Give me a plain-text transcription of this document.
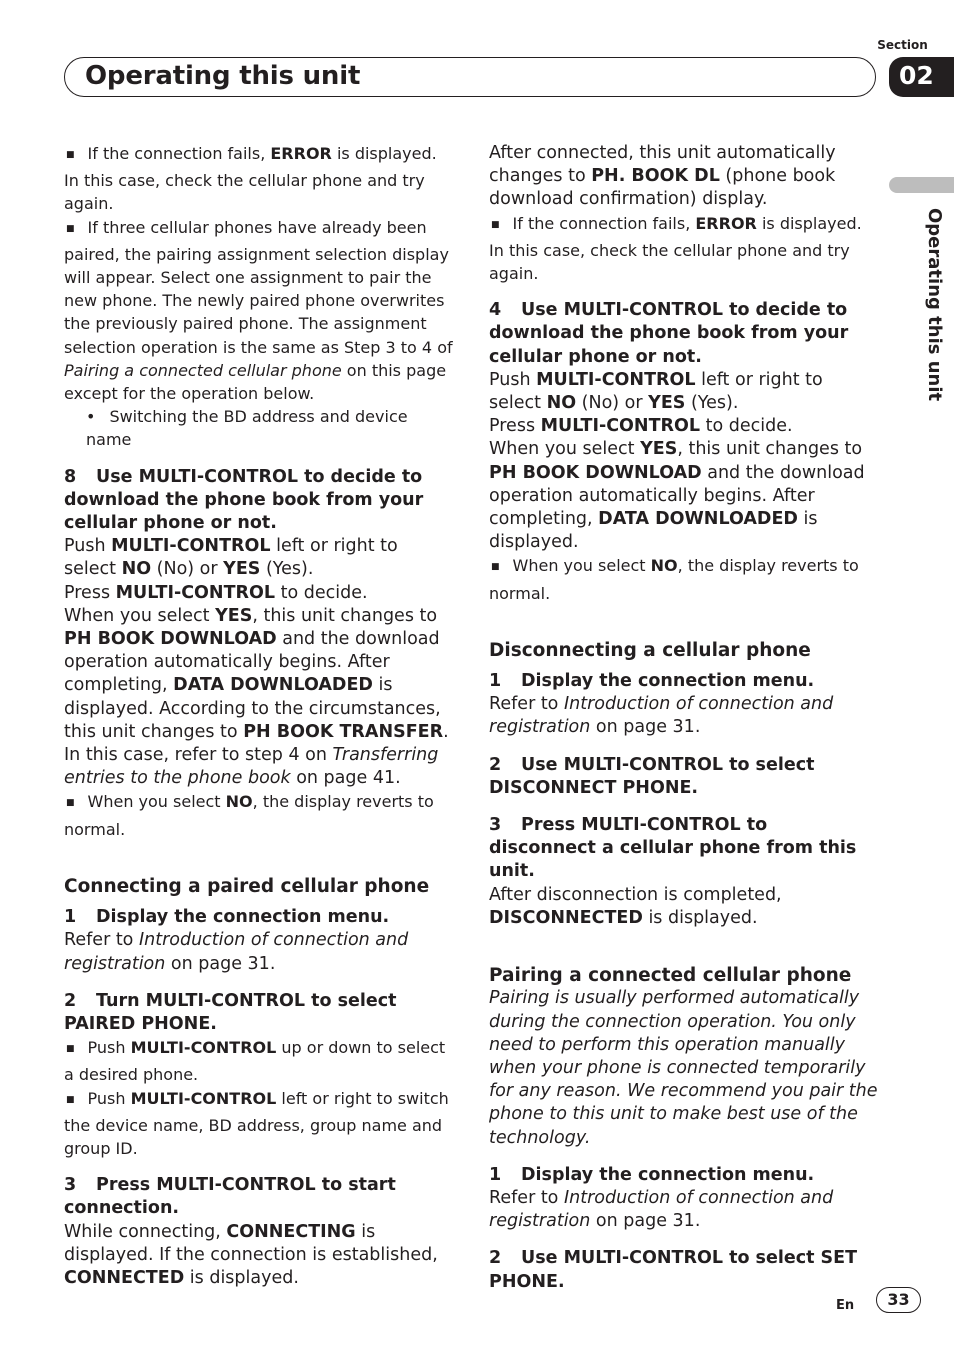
Section
Operating this unit	02
Operating this unit

■ If the connection fails, ERROR is displayed. In this case, check the cellular phone and try again.

■ If three cellular phones have already been paired, the pairing assignment selection display will appear. Select one assignment to pair the new phone. The newly paired phone overwrites the previously paired phone. The assignment selection operation is the same as Step 3 to 4 of Pairing a connected cellular phone on this page except for the operation below.

• Switching the BD address and device name

8 Use MULTI-CONTROL to decide to download the phone book from your cellular phone or not.

Push MULTI-CONTROL left or right to select NO (No) or YES (Yes).

Press MULTI-CONTROL to decide.

When you select YES, this unit changes to PH BOOK DOWNLOAD and the download operation automatically begins. After completing, DATA DOWNLOADED is displayed. According to the circumstances, this unit changes to PH BOOK TRANSFER. In this case, refer to step 4 on Transferring entries to the phone book on page 41.

■ When you select NO, the display reverts to normal.

Connecting a paired cellular phone

1 Display the connection menu.

Refer to Introduction of connection and registration on page 31.

2 Turn MULTI-CONTROL to select PAIRED PHONE.

■ Push MULTI-CONTROL up or down to select a desired phone.

■ Push MULTI-CONTROL left or right to switch the device name, BD address, group name and group ID.

3 Press MULTI-CONTROL to start connection.

While connecting, CONNECTING is displayed. If the connection is established, CONNECTED is displayed.

After connected, this unit automatically changes to PH. BOOK DL (phone book download confirmation) display.

■ If the connection fails, ERROR is displayed. In this case, check the cellular phone and try again.

4 Use MULTI-CONTROL to decide to download the phone book from your cellular phone or not.

Push MULTI-CONTROL left or right to select NO (No) or YES (Yes).

Press MULTI-CONTROL to decide.

When you select YES, this unit changes to PH BOOK DOWNLOAD and the download operation automatically begins. After completing, DATA DOWNLOADED is displayed.

■ When you select NO, the display reverts to normal.

Disconnecting a cellular phone

1 Display the connection menu.

Refer to Introduction of connection and registration on page 31.

2 Use MULTI-CONTROL to select DISCONNECT PHONE.

3 Press MULTI-CONTROL to disconnect a cellular phone from this unit.

After disconnection is completed, DISCONNECTED is displayed.

Pairing a connected cellular phone

Pairing is usually performed automatically during the connection operation. You only need to perform this operation manually when your phone is connected temporarily for any reason. We recommend you pair the phone to this unit to make best use of the technology.

1 Display the connection menu.

Refer to Introduction of connection and registration on page 31.

2 Use MULTI-CONTROL to select SET PHONE.

En	33
